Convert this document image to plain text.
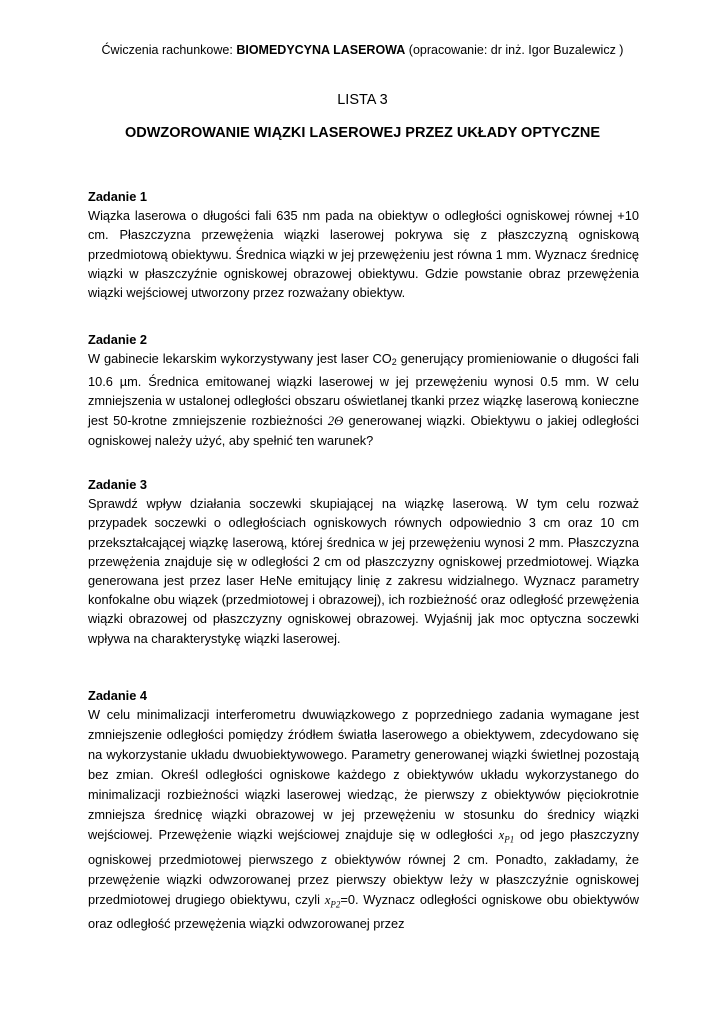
Ćwiczenia rachunkowe: BIOMEDYCYNA LASEROWA (opracowanie: dr inż. Igor Buzalewicz )
LISTA 3
ODWZOROWANIE WIĄZKI LASEROWEJ PRZEZ UKŁADY OPTYCZNE

Zadanie 1

Wiązka laserowa o długości fali 635 nm pada na obiektyw o odległości ogniskowej równej +10 cm. Płaszczyzna przewężenia wiązki laserowej pokrywa się z płaszczyzną ogniskową przedmiotową obiektywu. Średnica wiązki w jej przewężeniu jest równa 1 mm. Wyznacz średnicę wiązki w płaszczyźnie ogniskowej obrazowej obiektywu. Gdzie powstanie obraz przewężenia wiązki wejściowej utworzony przez rozważany obiektyw.

Zadanie 2

W gabinecie lekarskim wykorzystywany jest laser CO2 generujący promieniowanie o długości fali 10.6 µm. Średnica emitowanej wiązki laserowej w jej przewężeniu wynosi 0.5 mm. W celu zmniejszenia w ustalonej odległości obszaru oświetlanej tkanki przez wiązkę laserową konieczne jest 50-krotne zmniejszenie rozbieżności 2Θ generowanej wiązki. Obiektywu o jakiej odległości ogniskowej należy użyć, aby spełnić ten warunek?

Zadanie 3

Sprawdź wpływ działania soczewki skupiającej na wiązkę laserową. W tym celu rozważ przypadek soczewki o odległościach ogniskowych równych odpowiednio 3 cm oraz 10 cm przekształcającej wiązkę laserową, której średnica w jej przewężeniu wynosi 2 mm. Płaszczyzna przewężenia znajduje się w odległości 2 cm od płaszczyzny ogniskowej przedmiotowej. Wiązka generowana jest przez laser HeNe emitujący linię z zakresu widzialnego. Wyznacz parametry konfokalne obu wiązek (przedmiotowej i obrazowej), ich rozbieżność oraz odległość przewężenia wiązki obrazowej od płaszczyzny ogniskowej obrazowej. Wyjaśnij jak moc optyczna soczewki wpływa na charakterystykę wiązki laserowej.

Zadanie 4

W celu minimalizacji interferometru dwuwiązkowego z poprzedniego zadania wymagane jest zmniejszenie odległości pomiędzy źródłem światła laserowego a obiektywem, zdecydowano się na wykorzystanie układu dwuobiektywowego. Parametry generowanej wiązki świetlnej pozostają bez zmian. Określ odległości ogniskowe każdego z obiektywów układu wykorzystanego do minimalizacji rozbieżności wiązki laserowej wiedząc, że pierwszy z obiektywów pięciokrotnie zmniejsza średnicę wiązki obrazowej w jej przewężeniu w stosunku do średnicy wiązki wejściowej. Przewężenie wiązki wejściowej znajduje się w odległości $x_{P1}$ od jego płaszczyzny ogniskowej przedmiotowej pierwszego z obiektywów równej 2 cm. Ponadto, zakładamy, że przewężenie wiązki odwzorowanej przez pierwszy obiektyw leży w płaszczyźnie ogniskowej przedmiotowej drugiego obiektywu, czyli $x_{P2}=0$. Wyznacz odległości ogniskowe obu obiektywów oraz odległość przewężenia wiązki odwzorowanej przez
